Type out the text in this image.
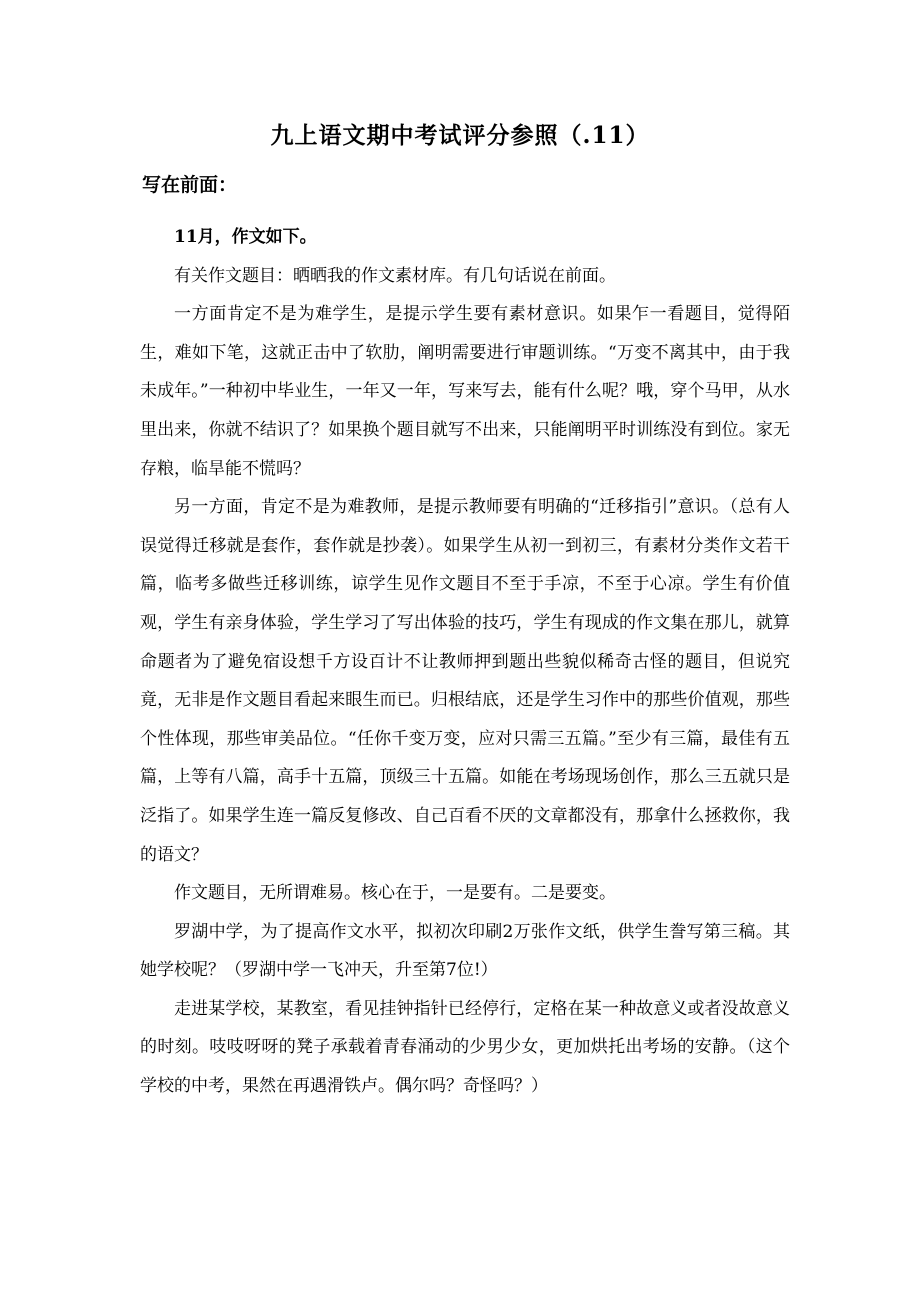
九上语文期中考试评分参照（.11）
写在前面：

11月，作文如下。

有关作文题目：晒晒我的作文素材库。有几句话说在前面。

一方面肯定不是为难学生，是提示学生要有素材意识。如果乍一看题目，觉得陌生，难如下笔，这就正击中了软肋，阐明需要进行审题训练。“万变不离其中，由于我未成年。”一种初中毕业生，一年又一年，写来写去，能有什么呢？哦，穿个马甲，从水里出来，你就不结识了？如果换个题目就写不出来，只能阐明平时训练没有到位。家无存粮，临旱能不慌吗？

另一方面，肯定不是为难教师，是提示教师要有明确的“迁移指引”意识。（总有人误觉得迁移就是套作，套作就是抄袭）。如果学生从初一到初三，有素材分类作文若干篇，临考多做些迁移训练，谅学生见作文题目不至于手凉，不至于心凉。学生有价值观，学生有亲身体验，学生学习了写出体验的技巧，学生有现成的作文集在那儿，就算命题者为了避免宿设想千方设百计不让教师押到题出些貌似稀奇古怪的题目，但说究竟，无非是作文题目看起来眼生而已。归根结底，还是学生习作中的那些价值观，那些个性体现，那些审美品位。“任你千变万变，应对只需三五篇。”至少有三篇，最佳有五篇，上等有八篇，高手十五篇，顶级三十五篇。如能在考场现场创作，那么三五就只是泛指了。如果学生连一篇反复修改、自己百看不厌的文章都没有，那拿什么拯救你，我的语文？

作文题目，无所谓难易。核心在于，一是要有。二是要变。

罗湖中学，为了提高作文水平，拟初次印刷2万张作文纸，供学生誊写第三稿。其她学校呢？（罗湖中学一飞冲天，升至第7位!）

走进某学校，某教室，看见挂钟指针已经停行，定格在某一种故意义或者没故意义的时刻。吱吱呀呀的凳子承载着青春涌动的少男少女，更加烘托出考场的安静。（这个学校的中考，果然在再遇滑铁卢。偶尔吗？奇怪吗？）
